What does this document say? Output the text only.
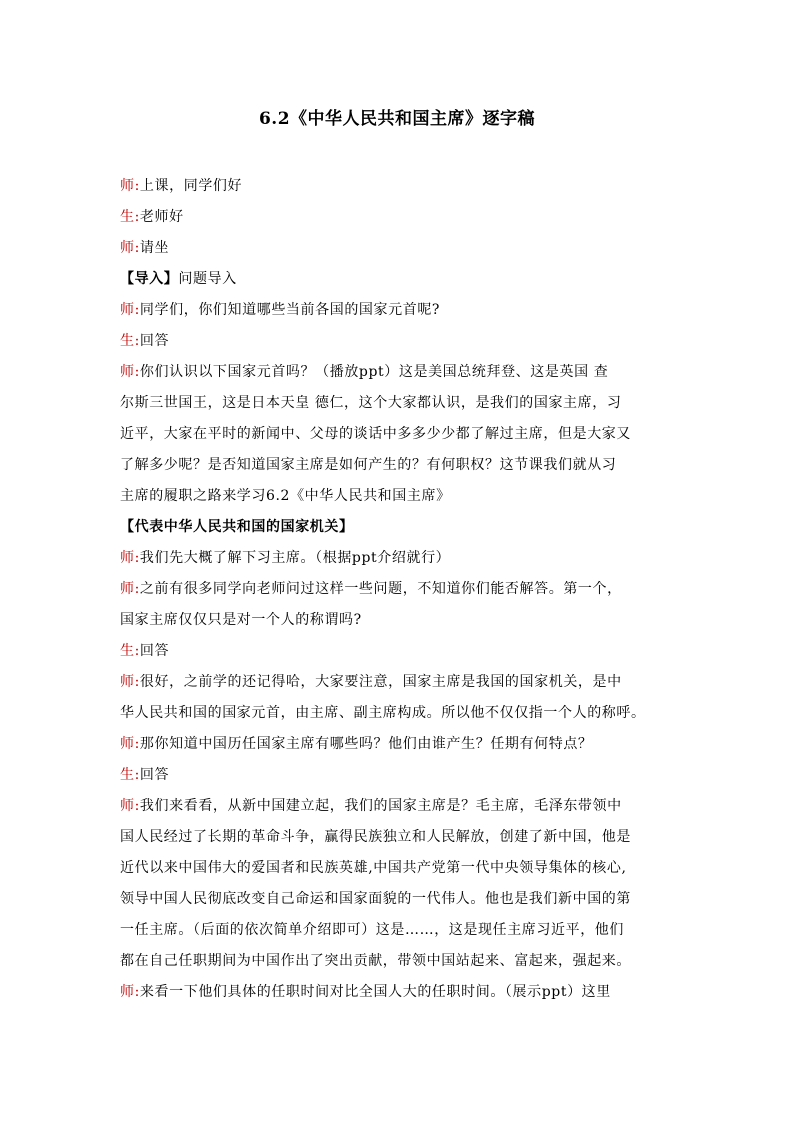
6.2《中华人民共和国主席》逐字稿
师:上课，同学们好
生:老师好
师:请坐
【导入】问题导入
师:同学们，你们知道哪些当前各国的国家元首呢?
生:回答
师:你们认识以下国家元首吗？（播放ppt）这是美国总统拜登、这是英国 查
尔斯三世国王，这是日本天皇 德仁，这个大家都认识，是我们的国家主席，习
近平，大家在平时的新闻中、父母的谈话中多多少少都了解过主席，但是大家又
了解多少呢？是否知道国家主席是如何产生的？有何职权？这节课我们就从习
主席的履职之路来学习6.2《中华人民共和国主席》
【代表中华人民共和国的国家机关】
师:我们先大概了解下习主席。（根据ppt介绍就行）
师:之前有很多同学向老师问过这样一些问题，不知道你们能否解答。第一个，
国家主席仅仅只是对一个人的称谓吗?
生:回答
师:很好，之前学的还记得哈，大家要注意，国家主席是我国的国家机关，是中
华人民共和国的国家元首，由主席、副主席构成。所以他不仅仅指一个人的称呼。
师:那你知道中国历任国家主席有哪些吗？他们由谁产生？任期有何特点？
生:回答
师:我们来看看，从新中国建立起，我们的国家主席是？毛主席，毛泽东带领中
国人民经过了长期的革命斗争，赢得民族独立和人民解放，创建了新中国，他是
近代以来中国伟大的爱国者和民族英雄,中国共产党第一代中央领导集体的核心,
领导中国人民彻底改变自己命运和国家面貌的一代伟人。他也是我们新中国的第
一任主席。（后面的依次简单介绍即可）这是……，这是现任主席习近平，他们
都在自己任职期间为中国作出了突出贡献，带领中国站起来、富起来，强起来。
师:来看一下他们具体的任职时间对比全国人大的任职时间。（展示ppt）这里
